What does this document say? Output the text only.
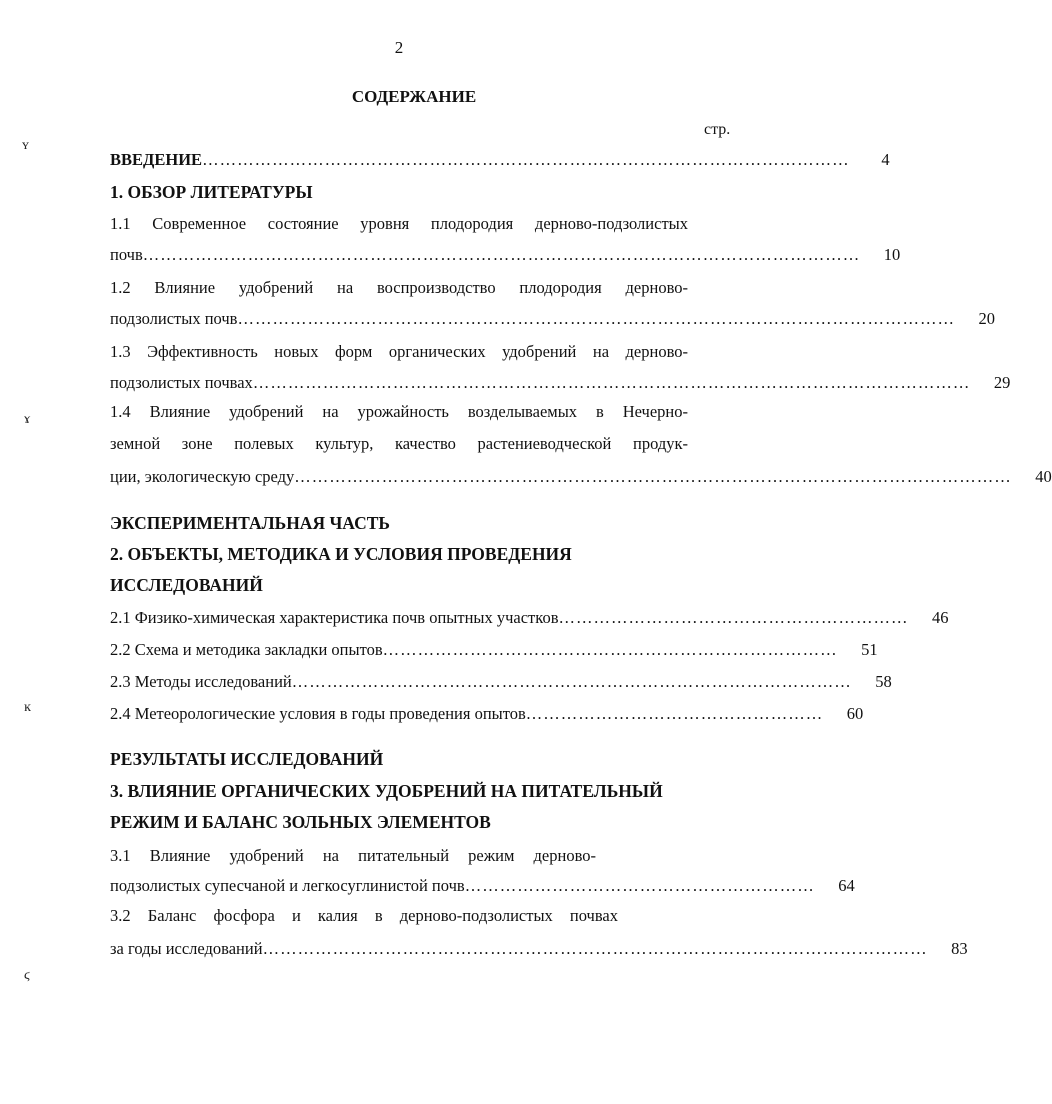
2
СОДЕРЖАНИЕ
стр.
ʏ
ɤ
ĸ
ϛ
ВВЕДЕНИЕ …………………………………………………………………………………………………	4
1. ОБЗОР ЛИТЕРАТУРЫ
1.1 Современное состояние уровня плодородия дерново-подзолистых
почв ……………………………………………………………………………………………………………	10
1.2 Влияние удобрений на воспроизводство плодородия дерново-
подзолистых почв ……………………………………………………………………………………………………………	20
1.3 Эффективность новых форм органических удобрений на дерново-
подзолистых почвах ……………………………………………………………………………………………………………	29
1.4 Влияние удобрений на урожайность возделываемых в Нечерно-
земной зоне полевых культур, качество растениеводческой продук-
ции, экологическую среду ……………………………………………………………………………………………………………	40
ЭКСПЕРИМЕНТАЛЬНАЯ ЧАСТЬ
2. ОБЪЕКТЫ, МЕТОДИКА И УСЛОВИЯ ПРОВЕДЕНИЯ
ИССЛЕДОВАНИЙ
2.1 Физико-химическая характеристика почв опытных участков ……………………………………………………	46
2.2 Схема и методика закладки опытов ……………………………………………………………………	51
2.3 Методы исследований ……………………………………………………………………………………	58
2.4 Метеорологические условия в годы проведения опытов ……………………………………………	60
РЕЗУЛЬТАТЫ ИССЛЕДОВАНИЙ
3. ВЛИЯНИЕ ОРГАНИЧЕСКИХ УДОБРЕНИЙ НА ПИТАТЕЛЬНЫЙ
РЕЖИМ И БАЛАНС ЗОЛЬНЫХ ЭЛЕМЕНТОВ
3.1 Влияние удобрений на питательный режим дерново-
подзолистых супесчаной и легкосуглинистой почв ……………………………………………………	64
3.2 Баланс фосфора и калия в дерново-подзолистых почвах
за годы исследований ……………………………………………………………………………………………………	83
